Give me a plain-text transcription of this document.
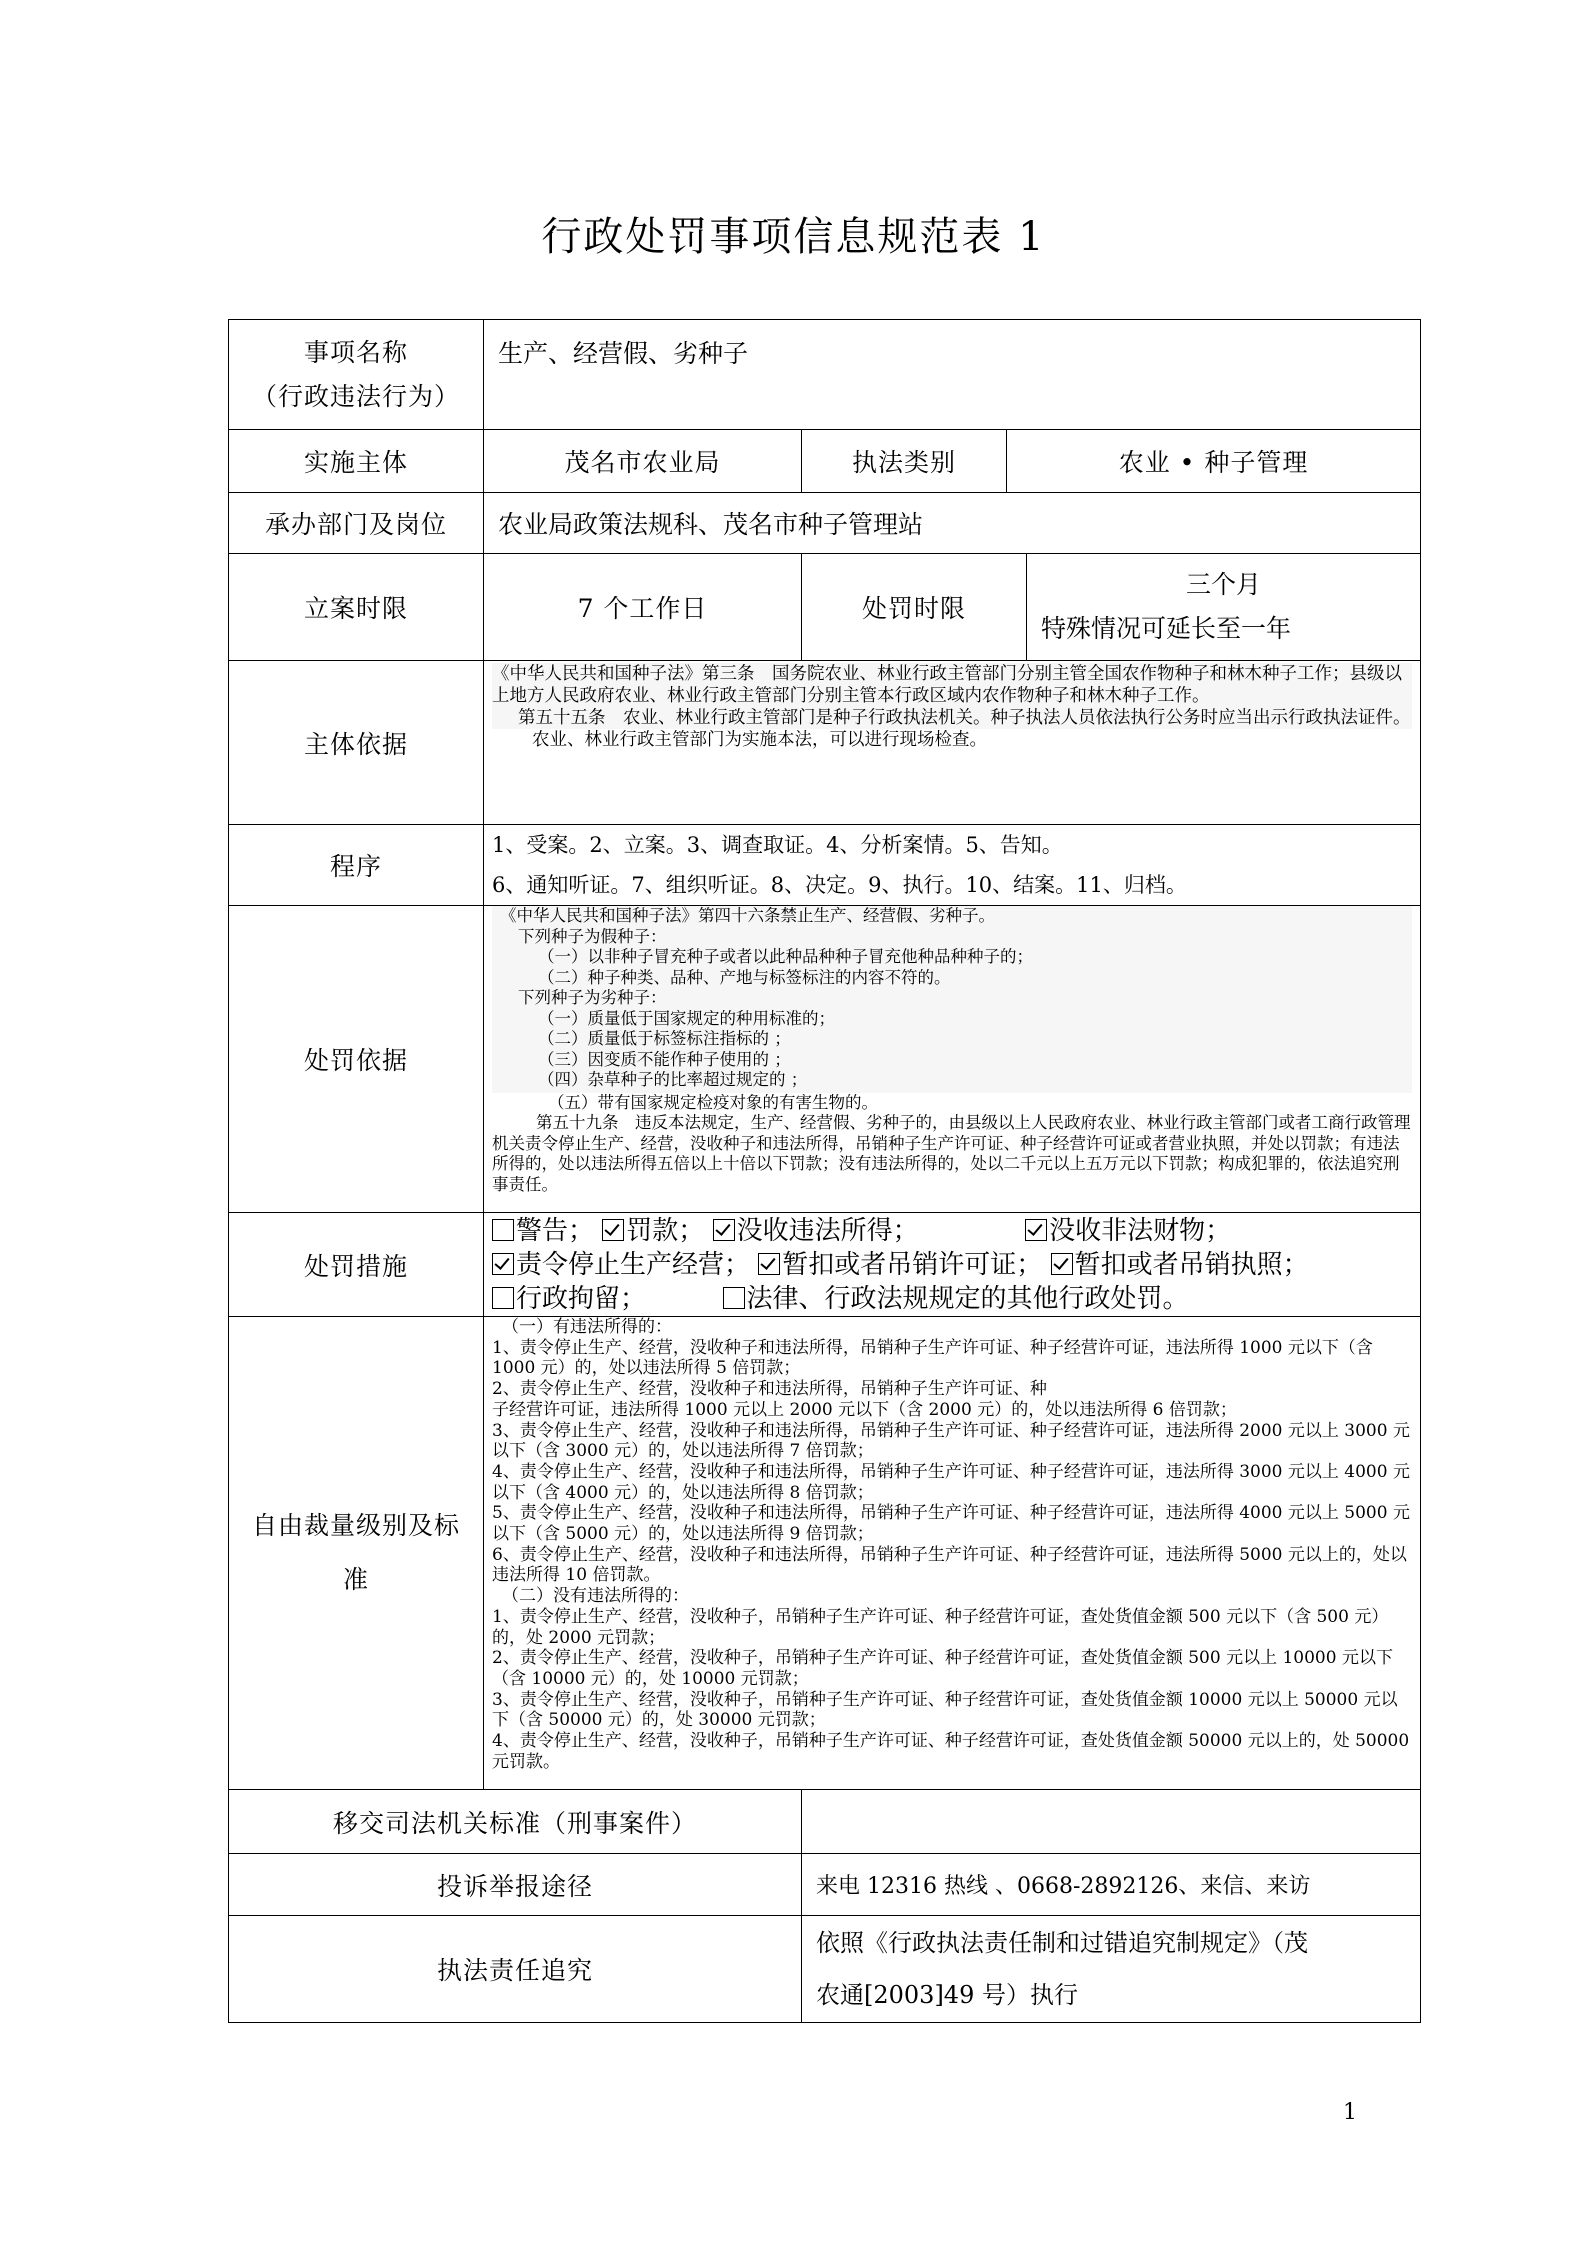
行政处罚事项信息规范表 1
事项名称
（行政违法行为）	生产、经营假、劣种子			
实施主体	茂名市农业局	执法类别	农业 • 种子管理	
承办部门及岗位	农业局政策法规科、茂名市种子管理站			
立案时限	7 个工作日	处罚时限		三个月
特殊情况可延长至一年

主体依据	《中华人民共和国种子法》第三条　国务院农业、林业行政主管部门分别主管全国农作物种子和林木种子工作；县级以上地方人民政府农业、林业行政主管部门分别主管本行政区域内农作物种子和林木种子工作。
第五十五条　农业、林业行政主管部门是种子行政执法机关。种子执法人员依法执行公务时应当出示行政执法证件。
农业、林业行政主管部门为实施本法，可以进行现场检查。			

程序	1、受案。2、立案。3、调查取证。4、分析案情。5、告知。
6、通知听证。7、组织听证。8、决定。9、执行。10、结案。11、归档。			

处罚依据	
《中华人民共和国种子法》第四十六条禁止生产、经营假、劣种子。
下列种子为假种子：
（一）以非种子冒充种子或者以此种品种种子冒充他种品种种子的；
（二）种子种类、品种、产地与标签标注的内容不符的。
下列种子为劣种子：
（一）质量低于国家规定的种用标准的；
（二）质量低于标签标注指标的 ；
（三）因变质不能作种子使用的 ；
（四）杂草种子的比率超过规定的 ；
（五）带有国家规定检疫对象的有害生物的。
第五十九条　违反本法规定，生产、经营假、劣种子的，由县级以上人民政府农业、林业行政主管部门或者工商行政管理机关责令停止生产、经营，没收种子和违法所得，吊销种子生产许可证、种子经营许可证或者营业执照，并处以罚款；有违法所得的，处以违法所得五倍以上十倍以下罚款；没有违法所得的，处以二千元以上五万元以下罚款；构成犯罪的，依法追究刑事责任。

处罚措施	警告； 罚款； 没收违法所得； 没收非法财物；
责令停止生产经营； 暂扣或者吊销许可证； 暂扣或者吊销执照；
行政拘留； 法律、行政法规规定的其他行政处罚。			

自由裁量级别及标
准

（一）有违法所得的：
1、责令停止生产、经营，没收种子和违法所得，吊销种子生产许可证、种子经营许可证，违法所得 1000 元以下（含 1000 元）的，处以违法所得 5 倍罚款；
2、责令停止生产、经营，没收种子和违法所得，吊销种子生产许可证、种
子经营许可证，违法所得 1000 元以上 2000 元以下（含 2000 元）的，处以违法所得 6 倍罚款；
3、责令停止生产、经营，没收种子和违法所得，吊销种子生产许可证、种子经营许可证，违法所得 2000 元以上 3000 元以下（含 3000 元）的，处以违法所得 7 倍罚款；
4、责令停止生产、经营，没收种子和违法所得，吊销种子生产许可证、种子经营许可证，违法所得 3000 元以上 4000 元以下（含 4000 元）的，处以违法所得 8 倍罚款；
5、责令停止生产、经营，没收种子和违法所得，吊销种子生产许可证、种子经营许可证，违法所得 4000 元以上 5000 元以下（含 5000 元）的，处以违法所得 9 倍罚款；
6、责令停止生产、经营，没收种子和违法所得，吊销种子生产许可证、种子经营许可证，违法所得 5000 元以上的，处以违法所得 10 倍罚款。
（二）没有违法所得的：
1、责令停止生产、经营，没收种子，吊销种子生产许可证、种子经营许可证，查处货值金额 500 元以下（含 500 元）的，处 2000 元罚款；
2、责令停止生产、经营，没收种子，吊销种子生产许可证、种子经营许可证，查处货值金额 500 元以上 10000 元以下（含 10000 元）的，处 10000 元罚款；
3、责令停止生产、经营，没收种子，吊销种子生产许可证、种子经营许可证，查处货值金额 10000 元以上 50000 元以下（含 50000 元）的，处 30000 元罚款；
4、责令停止生产、经营，没收种子，吊销种子生产许可证、种子经营许可证，查处货值金额 50000 元以上的，处 50000 元罚款。

移交司法机关标准（刑事案件）				
投诉举报途径		来电 12316 热线 、0668-2892126、来信、来访		
执法责任追究		依照《行政执法责任制和过错追究制规定》（茂
农通[2003]49 号）执行		
1
